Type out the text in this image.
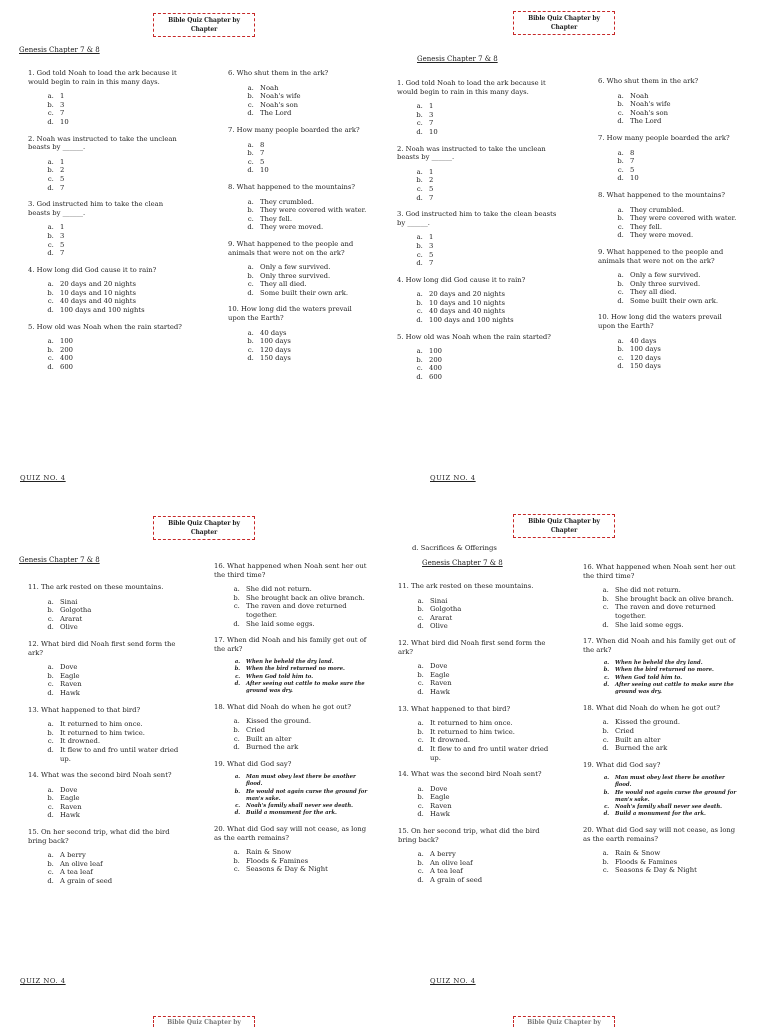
Bible Quiz Chapter by
Chapter
Genesis Chapter 7 & 8
1. God told Noah to load the ark because it would begin to rain in this many days.
a. 1
b. 3
c. 7
d. 10
2. Noah was instructed to take the unclean beasts by ______.
a. 1
b. 2
c. 5
d. 7
3. God instructed him to take the clean beasts by ______.
a. 1
b. 3
c. 5
d. 7
4. How long did God cause it to rain?
a. 20 days and 20 nights
b. 10 days and 10 nights
c. 40 days and 40 nights
d. 100 days and 100 nights
5. How old was Noah when the rain started?
a. 100
b. 200
c. 400
d. 600
6. Who shut them in the ark?
a. Noah
b. Noah's wife
c. Noah's son
d. The Lord
7. How many people boarded the ark?
a. 8
b. 7
c. 5
d. 10
8. What happened to the mountains?
a. They crumbled.
b. They were covered with water.
c. They fell.
d. They were moved.
9. What happened to the people and animals that were not on the ark?
a. Only a few survived.
b. Only three survived.
c. They all died.
d. Some built their own ark.
10. How long did the waters prevail upon the Earth?
a. 40 days
b. 100 days
c. 120 days
d. 150 days
QUIZ NO. 4
Bible Quiz Chapter by
Chapter
Genesis Chapter 7 & 8
1. God told Noah to load the ark because it would begin to rain in this many days.
a. 1
b. 3
c. 7
d. 10
2. Noah was instructed to take the unclean beasts by ______.
a. 1
b. 2
c. 5
d. 7
3. God instructed him to take the clean beasts by ______.
a. 1
b. 3
c. 5
d. 7
4. How long did God cause it to rain?
a. 20 days and 20 nights
b. 10 days and 10 nights
c. 40 days and 40 nights
d. 100 days and 100 nights
5. How old was Noah when the rain started?
a. 100
b. 200
c. 400
d. 600
6. Who shut them in the ark?
a. Noah
b. Noah's wife
c. Noah's son
d. The Lord
7. How many people boarded the ark?
a. 8
b. 7
c. 5
d. 10
8. What happened to the mountains?
a. They crumbled.
b. They were covered with water.
c. They fell.
d. They were moved.
9. What happened to the people and animals that were not on the ark?
a. Only a few survived.
b. Only three survived.
c. They all died.
d. Some built their own ark.
10. How long did the waters prevail upon the Earth?
a. 40 days
b. 100 days
c. 120 days
d. 150 days
QUIZ NO. 4
Bible Quiz Chapter by
Chapter
Genesis Chapter 7 & 8
11. The ark rested on these mountains.
a. Sinai
b. Golgotha
c. Ararat
d. Olive
12. What bird did Noah first send form the ark?
a. Dove
b. Eagle
c. Raven
d. Hawk
13. What happened to that bird?
a. It returned to him once.
b. It returned to him twice.
c. It drowned.
d. It flew to and fro until water dried up.
14. What was the second bird Noah sent?
a. Dove
b. Eagle
c. Raven
d. Hawk
15. On her second trip, what did the bird bring back?
a. A berry
b. An olive leaf
c. A tea leaf
d. A grain of seed
16. What happened when Noah sent her out the third time?
a. She did not return.
b. She brought back an olive branch.
c. The raven and dove returned together.
d. She laid some eggs.
17. When did Noah and his family get out of the ark?
a. When he beheld the dry land.
b. When the bird returned no more.
c. When God told him to.
d. After seeing out cattle to make sure the ground was dry.
18. What did Noah do when he got out?
a. Kissed the ground.
b. Cried
c. Built an alter
d. Burned the ark
19. What did God say?
a. Man must obey lest there be another flood.
b. He would not again curse the ground for man's sake.
c. Noah's family shall never see death.
d. Build a monument for the ark.
20. What did God say will not cease, as long as the earth remains?
a. Rain & Snow
b. Floods & Famines
c. Seasons & Day & Night
QUIZ NO. 4
Bible Quiz Chapter by
Chapter
d. Sacrifices & Offerings
Genesis Chapter 7 & 8
11. The ark rested on these mountains.
a. Sinai
b. Golgotha
c. Ararat
d. Olive
12. What bird did Noah first send form the ark?
a. Dove
b. Eagle
c. Raven
d. Hawk
13. What happened to that bird?
a. It returned to him once.
b. It returned to him twice.
c. It drowned.
d. It flew to and fro until water dried up.
14. What was the second bird Noah sent?
a. Dove
b. Eagle
c. Raven
d. Hawk
15. On her second trip, what did the bird bring back?
a. A berry
b. An olive leaf
c. A tea leaf
d. A grain of seed
16. What happened when Noah sent her out the third time?
a. She did not return.
b. She brought back an olive branch.
c. The raven and dove returned together.
d. She laid some eggs.
17. When did Noah and his family get out of the ark?
a. When he beheld the dry land.
b. When the bird returned no more.
c. When God told him to.
d. After seeing out cattle to make sure the ground was dry.
18. What did Noah do when he got out?
a. Kissed the ground.
b. Cried
c. Built an alter
d. Burned the ark
19. What did God say?
a. Man must obey lest there be another flood.
b. He would not again curse the ground for man's sake.
c. Noah's family shall never see death.
d. Build a monument for the ark.
20. What did God say will not cease, as long as the earth remains?
a. Rain & Snow
b. Floods & Famines
c. Seasons & Day & Night
QUIZ NO. 4
Bible Quiz Chapter by	Bible Quiz Chapter by
